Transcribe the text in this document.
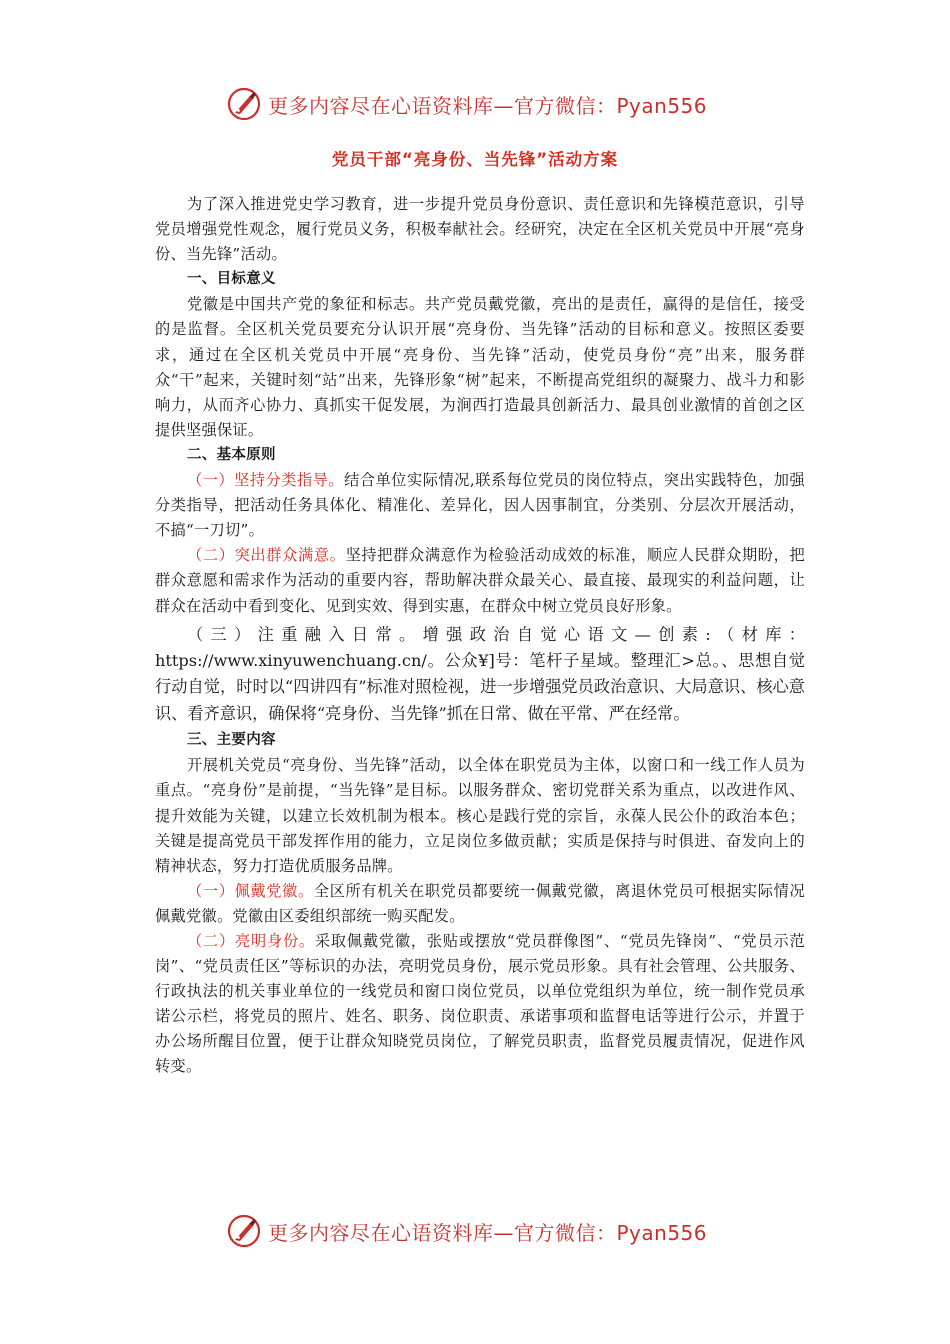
更多内容尽在心语资料库—官方微信：Pyan556
党员干部“亮身份、当先锋”活动方案

为了深入推进党史学习教育，进一步提升党员身份意识、责任意识和先锋模范意识，引导党员增强党性观念，履行党员义务，积极奉献社会。经研究，决定在全区机关党员中开展“亮身份、当先锋”活动。

一、目标意义

党徽是中国共产党的象征和标志。共产党员戴党徽，亮出的是责任，赢得的是信任，接受的是监督。全区机关党员要充分认识开展“亮身份、当先锋”活动的目标和意义。按照区委要求，通过在全区机关党员中开展“亮身份、当先锋”活动，使党员身份“亮”出来，服务群众“干”起来，关键时刻“站”出来，先锋形象“树”起来，不断提高党组织的凝聚力、战斗力和影响力，从而齐心协力、真抓实干促发展，为涧西打造最具创新活力、最具创业激情的首创之区提供坚强保证。

二、基本原则

（一）坚持分类指导。结合单位实际情况,联系每位党员的岗位特点，突出实践特色，加强分类指导，把活动任务具体化、精准化、差异化，因人因事制宜，分类别、分层次开展活动，不搞“一刀切”。

（二）突出群众满意。坚持把群众满意作为检验活动成效的标准，顺应人民群众期盼，把群众意愿和需求作为活动的重要内容，帮助解决群众最关心、最直接、最现实的利益问题，让群众在活动中看到变化、见到实效、得到实惠，在群众中树立党员良好形象。

（三）注重融入日常。增强政治自觉心语文—创素:（材库：https://www.xinyuwenchuang.cn/。公众¥]号：笔杆子星域。整理汇>总。、思想自觉行动自觉，时时以“四讲四有”标准对照检视，进一步增强党员政治意识、大局意识、核心意识、看齐意识，确保将“亮身份、当先锋”抓在日常、做在平常、严在经常。

三、主要内容

开展机关党员“亮身份、当先锋”活动，以全体在职党员为主体，以窗口和一线工作人员为重点。“亮身份”是前提，“当先锋”是目标。以服务群众、密切党群关系为重点，以改进作风、提升效能为关键，以建立长效机制为根本。核心是践行党的宗旨，永葆人民公仆的政治本色；关键是提高党员干部发挥作用的能力，立足岗位多做贡献；实质是保持与时俱进、奋发向上的精神状态，努力打造优质服务品牌。

（一）佩戴党徽。全区所有机关在职党员都要统一佩戴党徽，离退休党员可根据实际情况佩戴党徽。党徽由区委组织部统一购买配发。

（二）亮明身份。采取佩戴党徽，张贴或摆放“党员群像图”、“党员先锋岗”、“党员示范岗”、“党员责任区”等标识的办法，亮明党员身份，展示党员形象。具有社会管理、公共服务、行政执法的机关事业单位的一线党员和窗口岗位党员，以单位党组织为单位，统一制作党员承诺公示栏，将党员的照片、姓名、职务、岗位职责、承诺事项和监督电话等进行公示，并置于办公场所醒目位置，便于让群众知晓党员岗位，了解党员职责，监督党员履责情况，促进作风转变。

更多内容尽在心语资料库—官方微信：Pyan556
